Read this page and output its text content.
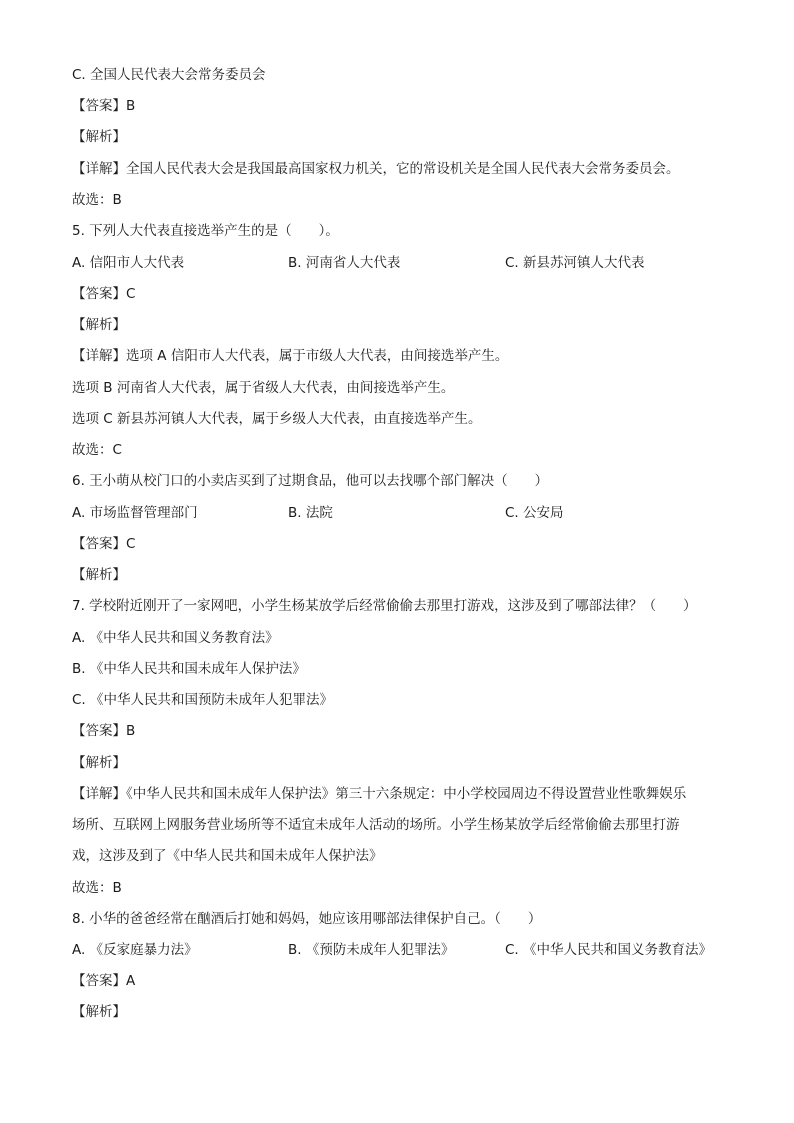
C. 全国人民代表大会常务委员会
【答案】B
【解析】
【详解】全国人民代表大会是我国最高国家权力机关，它的常设机关是全国人民代表大会常务委员会。
故选：B
5. 下列人大代表直接选举产生的是（　　）。
A. 信阳市人大代表	B. 河南省人大代表	C. 新县苏河镇人大代表
【答案】C
【解析】
【详解】选项 A 信阳市人大代表，属于市级人大代表，由间接选举产生。
选项 B 河南省人大代表，属于省级人大代表，由间接选举产生。
选项 C 新县苏河镇人大代表，属于乡级人大代表，由直接选举产生。
故选：C
6. 王小萌从校门口的小卖店买到了过期食品，他可以去找哪个部门解决（　　）
A. 市场监督管理部门	B. 法院	C. 公安局
【答案】C
【解析】
7. 学校附近刚开了一家网吧，小学生杨某放学后经常偷偷去那里打游戏，这涉及到了哪部法律？（　　）
A. 《中华人民共和国义务教育法》
B. 《中华人民共和国未成年人保护法》
C. 《中华人民共和国预防未成年人犯罪法》
【答案】B
【解析】
【详解】《中华人民共和国未成年人保护法》第三十六条规定：中小学校园周边不得设置营业性歌舞娱乐
场所、互联网上网服务营业场所等不适宜未成年人活动的场所。小学生杨某放学后经常偷偷去那里打游
戏，这涉及到了《中华人民共和国未成年人保护法》
故选：B
8. 小华的爸爸经常在酗酒后打她和妈妈，她应该用哪部法律保护自己。（　　）
A. 《反家庭暴力法》	B. 《预防未成年人犯罪法》	C. 《中华人民共和国义务教育法》
【答案】A
【解析】
